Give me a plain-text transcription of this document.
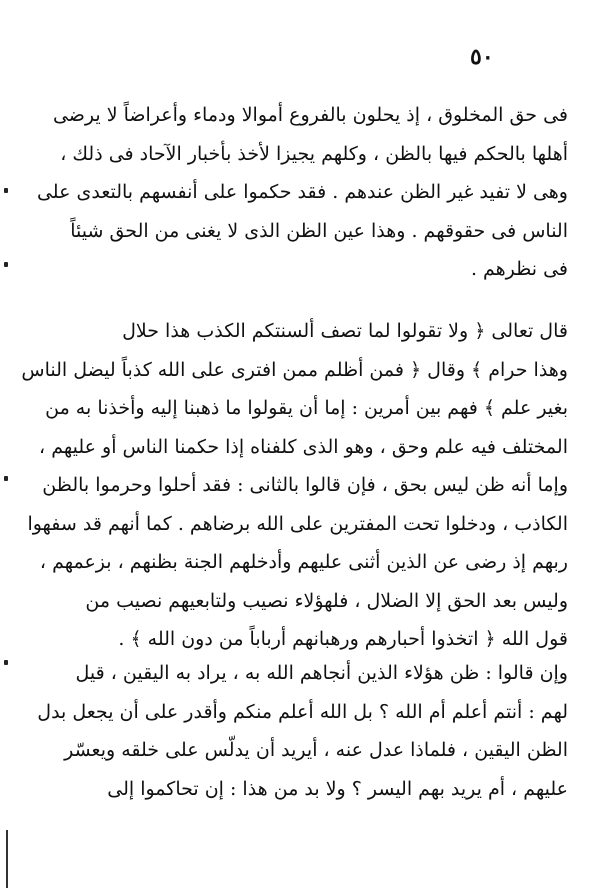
٥٠
فى حق المخلوق ، إذ يحلون بالفروع أموالا ودماء وأعراضاً لا يرضى
أهلها بالحكم فيها بالظن ، وكلهم يجيزا لأخذ بأخبار الآحاد فى ذلك ،
وهى لا تفيد غير الظن عندهم . فقد حكموا على أنفسهم بالتعدى على
الناس فى حقوقهم . وهذا عين الظن الذى لا يغنى من الحق شيئاً
فى نظرهم .
قال تعالى ﴿ ولا تقولوا لما تصف ألسنتكم الكذب هذا حلال
وهذا حرام ﴾ وقال ﴿ فمن أظلم ممن افترى على الله كذباً ليضل الناس
بغير علم ﴾ فهم بين أمرين : إما أن يقولوا ما ذهبنا إليه وأخذنا به من
المختلف فيه علم وحق ، وهو الذى كلفناه إذا حكمنا الناس أو عليهم ،
وإما أنه ظن ليس بحق ، فإن قالوا بالثانى : فقد أحلوا وحرموا بالظن
الكاذب ، ودخلوا تحت المفترين على الله برضاهم . كما أنهم قد سفهوا
ربهم إذ رضى عن الذين أثنى عليهم وأدخلهم الجنة بظنهم ، بزعمهم ،
وليس بعد الحق إلا الضلال ، فلهؤلاء نصيب ولتابعيهم نصيب من
قول الله ﴿ اتخذوا أحبارهم ورهبانهم أرباباً من دون الله ﴾ .
وإن قالوا : ظن هؤلاء الذين أنجاهم الله به ، يراد به اليقين ، قيل
لهم : أنتم أعلم أم الله ؟ بل الله أعلم منكم وأقدر على أن يجعل بدل
الظن اليقين ، فلماذا عدل عنه ، أيريد أن يدلّس على خلقه ويعسّر
عليهم ، أم يريد بهم اليسر ؟ ولا بد من هذا : إن تحاكموا إلى
